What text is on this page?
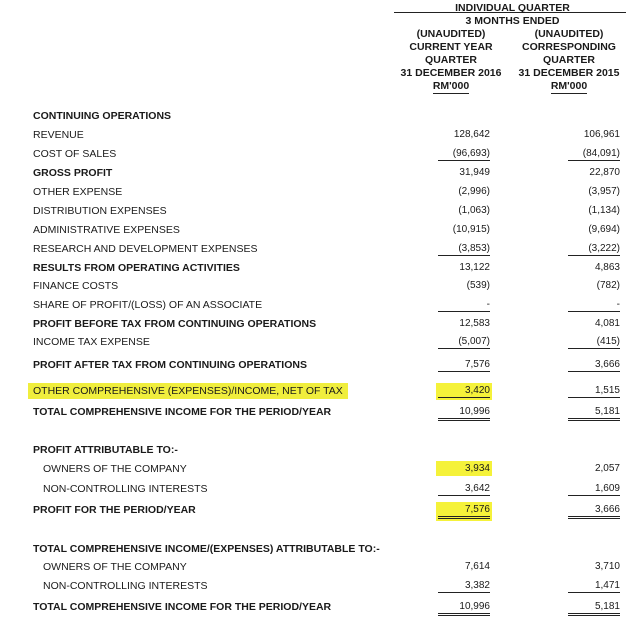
INDIVIDUAL QUARTER
3 MONTHS ENDED
(UNAUDITED)
CURRENT YEAR
QUARTER
31 DECEMBER 2016
RM'000
(UNAUDITED)
CORRESPONDING
QUARTER
31 DECEMBER 2015
RM'000
CONTINUING OPERATIONS
REVENUE	128,642	106,961
COST OF SALES	(96,693)	(84,091)
GROSS PROFIT	31,949	22,870
OTHER EXPENSE	(2,996)	(3,957)
DISTRIBUTION EXPENSES	(1,063)	(1,134)
ADMINISTRATIVE EXPENSES	(10,915)	(9,694)
RESEARCH AND DEVELOPMENT EXPENSES	(3,853)	(3,222)
RESULTS FROM OPERATING ACTIVITIES	13,122	4,863
FINANCE COSTS	(539)	(782)
SHARE OF PROFIT/(LOSS) OF AN ASSOCIATE	-	-
PROFIT BEFORE TAX FROM CONTINUING OPERATIONS	12,583	4,081
INCOME TAX EXPENSE	(5,007)	(415)
PROFIT AFTER TAX FROM CONTINUING OPERATIONS	7,576	3,666
OTHER COMPREHENSIVE (EXPENSES)/INCOME, NET OF TAX	3,420	1,515
TOTAL COMPREHENSIVE INCOME FOR THE PERIOD/YEAR	10,996	5,181
PROFIT ATTRIBUTABLE TO:-
OWNERS OF THE COMPANY	3,934	2,057
NON-CONTROLLING INTERESTS	3,642	1,609
PROFIT FOR THE PERIOD/YEAR	7,576	3,666
TOTAL COMPREHENSIVE INCOME/(EXPENSES) ATTRIBUTABLE TO:-
OWNERS OF THE COMPANY	7,614	3,710
NON-CONTROLLING INTERESTS	3,382	1,471
TOTAL COMPREHENSIVE INCOME FOR THE PERIOD/YEAR	10,996	5,181
